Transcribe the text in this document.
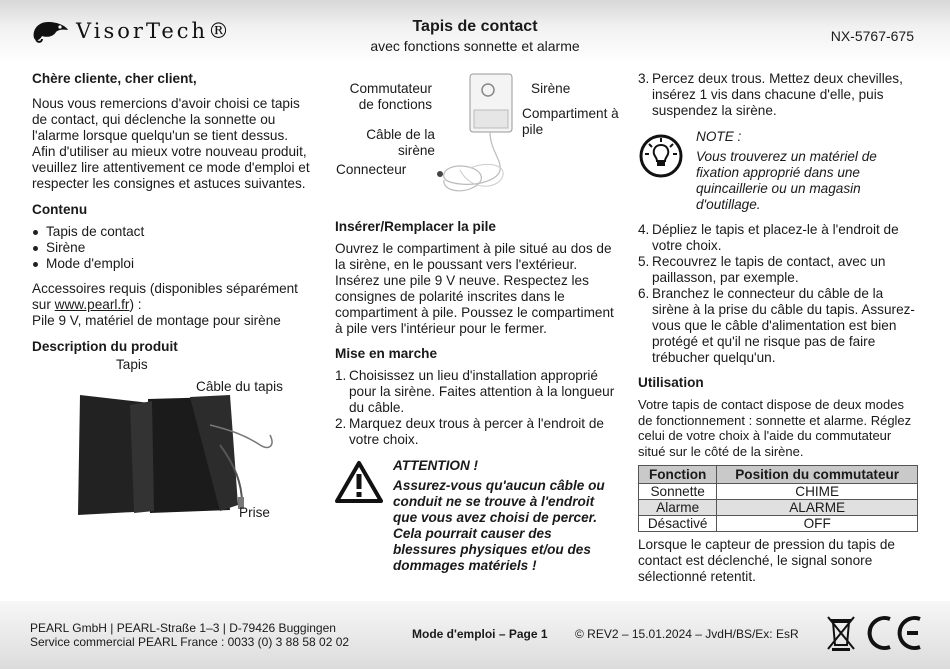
VisorTech®	Tapis de contact
avec fonctions sonnette et alarme
NX-5767-675
Chère cliente, cher client,

Nous vous remercions d'avoir choisi ce tapis de contact, qui déclenche la sonnette ou l'alarme lorsque quelqu'un se tient dessus. Afin d'utiliser au mieux votre nouveau produit, veuillez lire attentivement ce mode d'emploi et respecter les consignes et astuces suivantes.

Contenu
Tapis de contact
Sirène
Mode d'emploi

Accessoires requis (disponibles séparément sur www.pearl.fr) :
Pile 9 V, matériel de montage pour sirène

Description du produit
Tapis
Câble du tapis
Prise
Commutateur de fonctions
Sirène
Compartiment à pile
Câble de la sirène
Connecteur
Insérer/Remplacer la pile

Ouvrez le compartiment à pile situé au dos de la sirène, en le poussant vers l'extérieur. Insérez une pile 9 V neuve. Respectez les consignes de polarité inscrites dans le compartiment à pile. Poussez le compartiment à pile vers l'intérieur pour le fermer.

Mise en marche
1. Choisissez un lieu d'installation approprié pour la sirène. Faites attention à la longueur du câble.
2. Marquez deux trous à percer à l'endroit de votre choix.
ATTENTION !
Assurez-vous qu'aucun câble ou conduit ne se trouve à l'endroit que vous avez choisi de percer. Cela pourrait causer des blessures physiques et/ou des dommages matériels !
3. Percez deux trous. Mettez deux chevilles, insérez 1 vis dans chacune d'elle, puis suspendez la sirène.
NOTE :
Vous trouverez un matériel de fixation approprié dans une quincaillerie ou un magasin d'outillage.
4. Dépliez le tapis et placez-le à l'endroit de votre choix.
5. Recouvrez le tapis de contact, avec un paillasson, par exemple.
6. Branchez le connecteur du câble de la sirène à la prise du câble du tapis. Assurez-vous que le câble d'alimentation est bien protégé et qu'il ne risque pas de faire trébucher quelqu'un.
Utilisation

Votre tapis de contact dispose de deux modes de fonctionnement : sonnette et alarme. Réglez celui de votre choix à l'aide du commutateur situé sur le côté de la sirène.

Fonction	Position du commutateur
Sonnette	CHIME
Alarme	ALARME
Désactivé	OFF

Lorsque le capteur de pression du tapis de contact est déclenché, le signal sonore sélectionné retentit.

PEARL GmbH | PEARL-Straße 1–3 | D-79426 Buggingen
Service commercial PEARL France : 0033 (0) 3 88 58 02 02
Mode d'emploi – Page 1 © REV2 – 15.01.2024 – JvdH/BS/Ex: EsR
